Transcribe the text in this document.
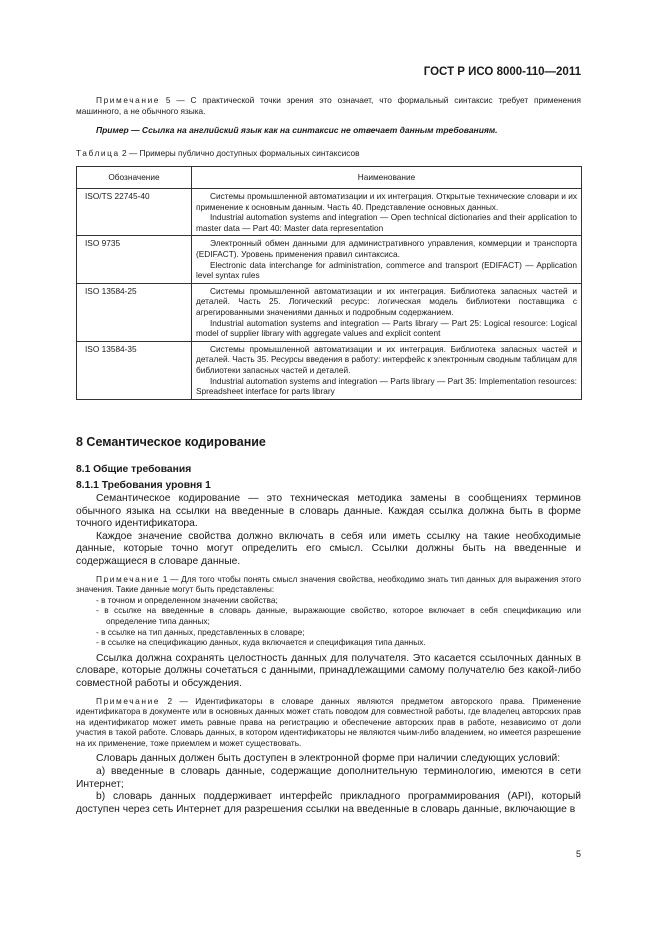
ГОСТ Р ИСО 8000-110—2011

Примечание 5 — С практической точки зрения это означает, что формальный синтаксис требует применения машинного, а не обычного языка.

Пример — Ссылка на английский язык как на синтаксис не отвечает данным требованиям.

Таблица 2 — Примеры публично доступных формальных синтаксисов
Обозначение	Наименование
ISO/TS 22745-40	Системы промышленной автоматизации и их интеграция. Открытые технические словари и их применение к основным данным. Часть 40. Представление основных данных.
Industrial automation systems and integration — Open technical dictionaries and their application to master data — Part 40: Master data representation

ISO 9735	Электронный обмен данными для административного управления, коммерции и транспорта (EDIFACT). Уровень применения правил синтаксиса.
Electronic data interchange for administration, commerce and transport (EDIFACT) — Application level syntax rules

ISO 13584-25	Системы промышленной автоматизации и их интеграция. Библиотека запасных частей и деталей. Часть 25. Логический ресурс: логическая модель библиотеки поставщика с агрегированными значениями данных и подробным содержанием.
Industrial automation systems and integration — Parts library — Part 25: Logical resource: Logical model of supplier library with aggregate values and explicit content

ISO 13584-35	Системы промышленной автоматизации и их интеграция. Библиотека запасных частей и деталей. Часть 35. Ресурсы введения в работу: интерфейс к электронным сводным таблицам для библиотеки запасных частей и деталей.
Industrial automation systems and integration — Parts library — Part 35: Implementation resources: Spreadsheet interface for parts library
8 Семантическое кодирование
8.1 Общие требования
8.1.1 Требования уровня 1

Семантическое кодирование — это техническая методика замены в сообщениях терминов обычного языка на ссылки на введенные в словарь данные. Каждая ссылка должна быть в форме точного идентификатора.

Каждое значение свойства должно включать в себя или иметь ссылку на такие необходимые данные, которые точно могут определить его смысл. Ссылки должны быть на введенные и содержащиеся в словаре данные.

Примечание 1 — Для того чтобы понять смысл значения свойства, необходимо знать тип данных для выражения этого значения. Такие данные могут быть представлены:

- в точном и определенном значении свойства;
- в ссылке на введенные в словарь данные, выражающие свойство, которое включает в себя спецификацию или определение типа данных;
- в ссылке на тип данных, представленных в словаре;
- в ссылке на спецификацию данных, куда включается и спецификация типа данных.

Ссылка должна сохранять целостность данных для получателя. Это касается ссылочных данных в словаре, которые должны сочетаться с данными, принадлежащими самому получателю без какой-либо совместной работы и обсуждения.

Примечание 2 — Идентификаторы в словаре данных являются предметом авторского права. Применение идентификатора в документе или в основных данных может стать поводом для совместной работы, где владелец авторских прав на идентификатор может иметь равные права на регистрацию и обеспечение авторских прав в работе, независимо от доли участия в такой работе. Словарь данных, в котором идентификаторы не являются чьим-либо владением, но имеется разрешение на их применение, тоже приемлем и может существовать.

Словарь данных должен быть доступен в электронной форме при наличии следующих условий:

а) введенные в словарь данные, содержащие дополнительную терминологию, имеются в сети Интернет;

b) словарь данных поддерживает интерфейс прикладного программирования (API), который доступен через сеть Интернет для разрешения ссылки на введенные в словарь данные, включающие в

5
